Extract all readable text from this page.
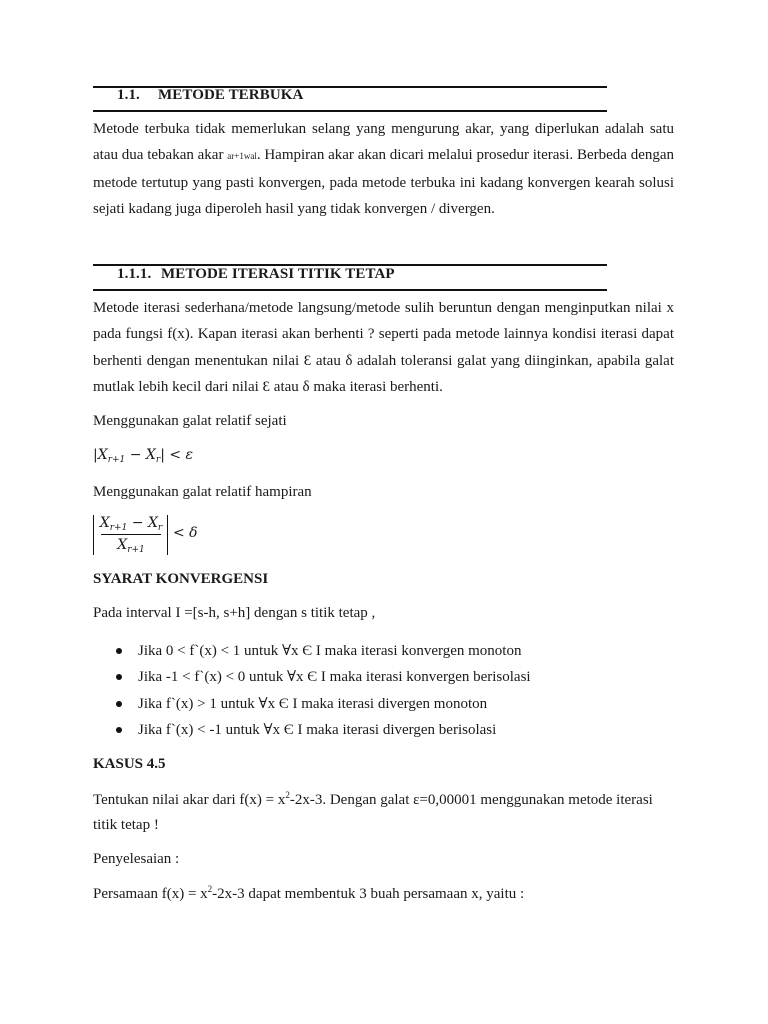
1.1. METODE TERBUKA

Metode terbuka tidak memerlukan selang yang mengurung akar, yang diperlukan adalah satu atau dua tebakan akar ar+1wal. Hampiran akar akan dicari melalui prosedur iterasi. Berbeda dengan metode tertutup yang pasti konvergen, pada metode terbuka ini kadang konvergen kearah solusi sejati kadang juga diperoleh hasil yang tidak konvergen / divergen.

1.1.1. METODE ITERASI TITIK TETAP

Metode iterasi sederhana/metode langsung/metode sulih beruntun dengan menginputkan nilai x pada fungsi f(x). Kapan iterasi akan berhenti ? seperti pada metode lainnya kondisi iterasi dapat berhenti dengan menentukan nilai Ɛ atau δ adalah toleransi galat yang diinginkan, apabila galat mutlak lebih kecil dari nilai Ɛ atau δ maka iterasi berhenti.

Menggunakan galat relatif sejati
$|X_{r+1} - X_r| < \varepsilon$
Menggunakan galat relatif hampiran
$X_{r+1} - X_r$
$X_{r+1}$
< δ
SYARAT KONVERGENSI
Pada interval I =[s-h, s+h] dengan s titik tetap ,
Jika 0 < f`(x) < 1 untuk ∀x Є I maka iterasi konvergen monoton
Jika -1 < f`(x) < 0 untuk ∀x Є I maka iterasi konvergen berisolasi
Jika f`(x) > 1 untuk ∀x Є I maka iterasi divergen monoton
Jika f`(x) < -1 untuk ∀x Є I maka iterasi divergen berisolasi
KASUS 4.5
Tentukan nilai akar dari $f(x) = x^2-2x-3$. Dengan galat ε=0,00001 menggunakan metode iterasi
titik tetap !
Penyelesaian :
Persamaan $f(x) = x^2-2x-3$ dapat membentuk 3 buah persamaan x, yaitu :
